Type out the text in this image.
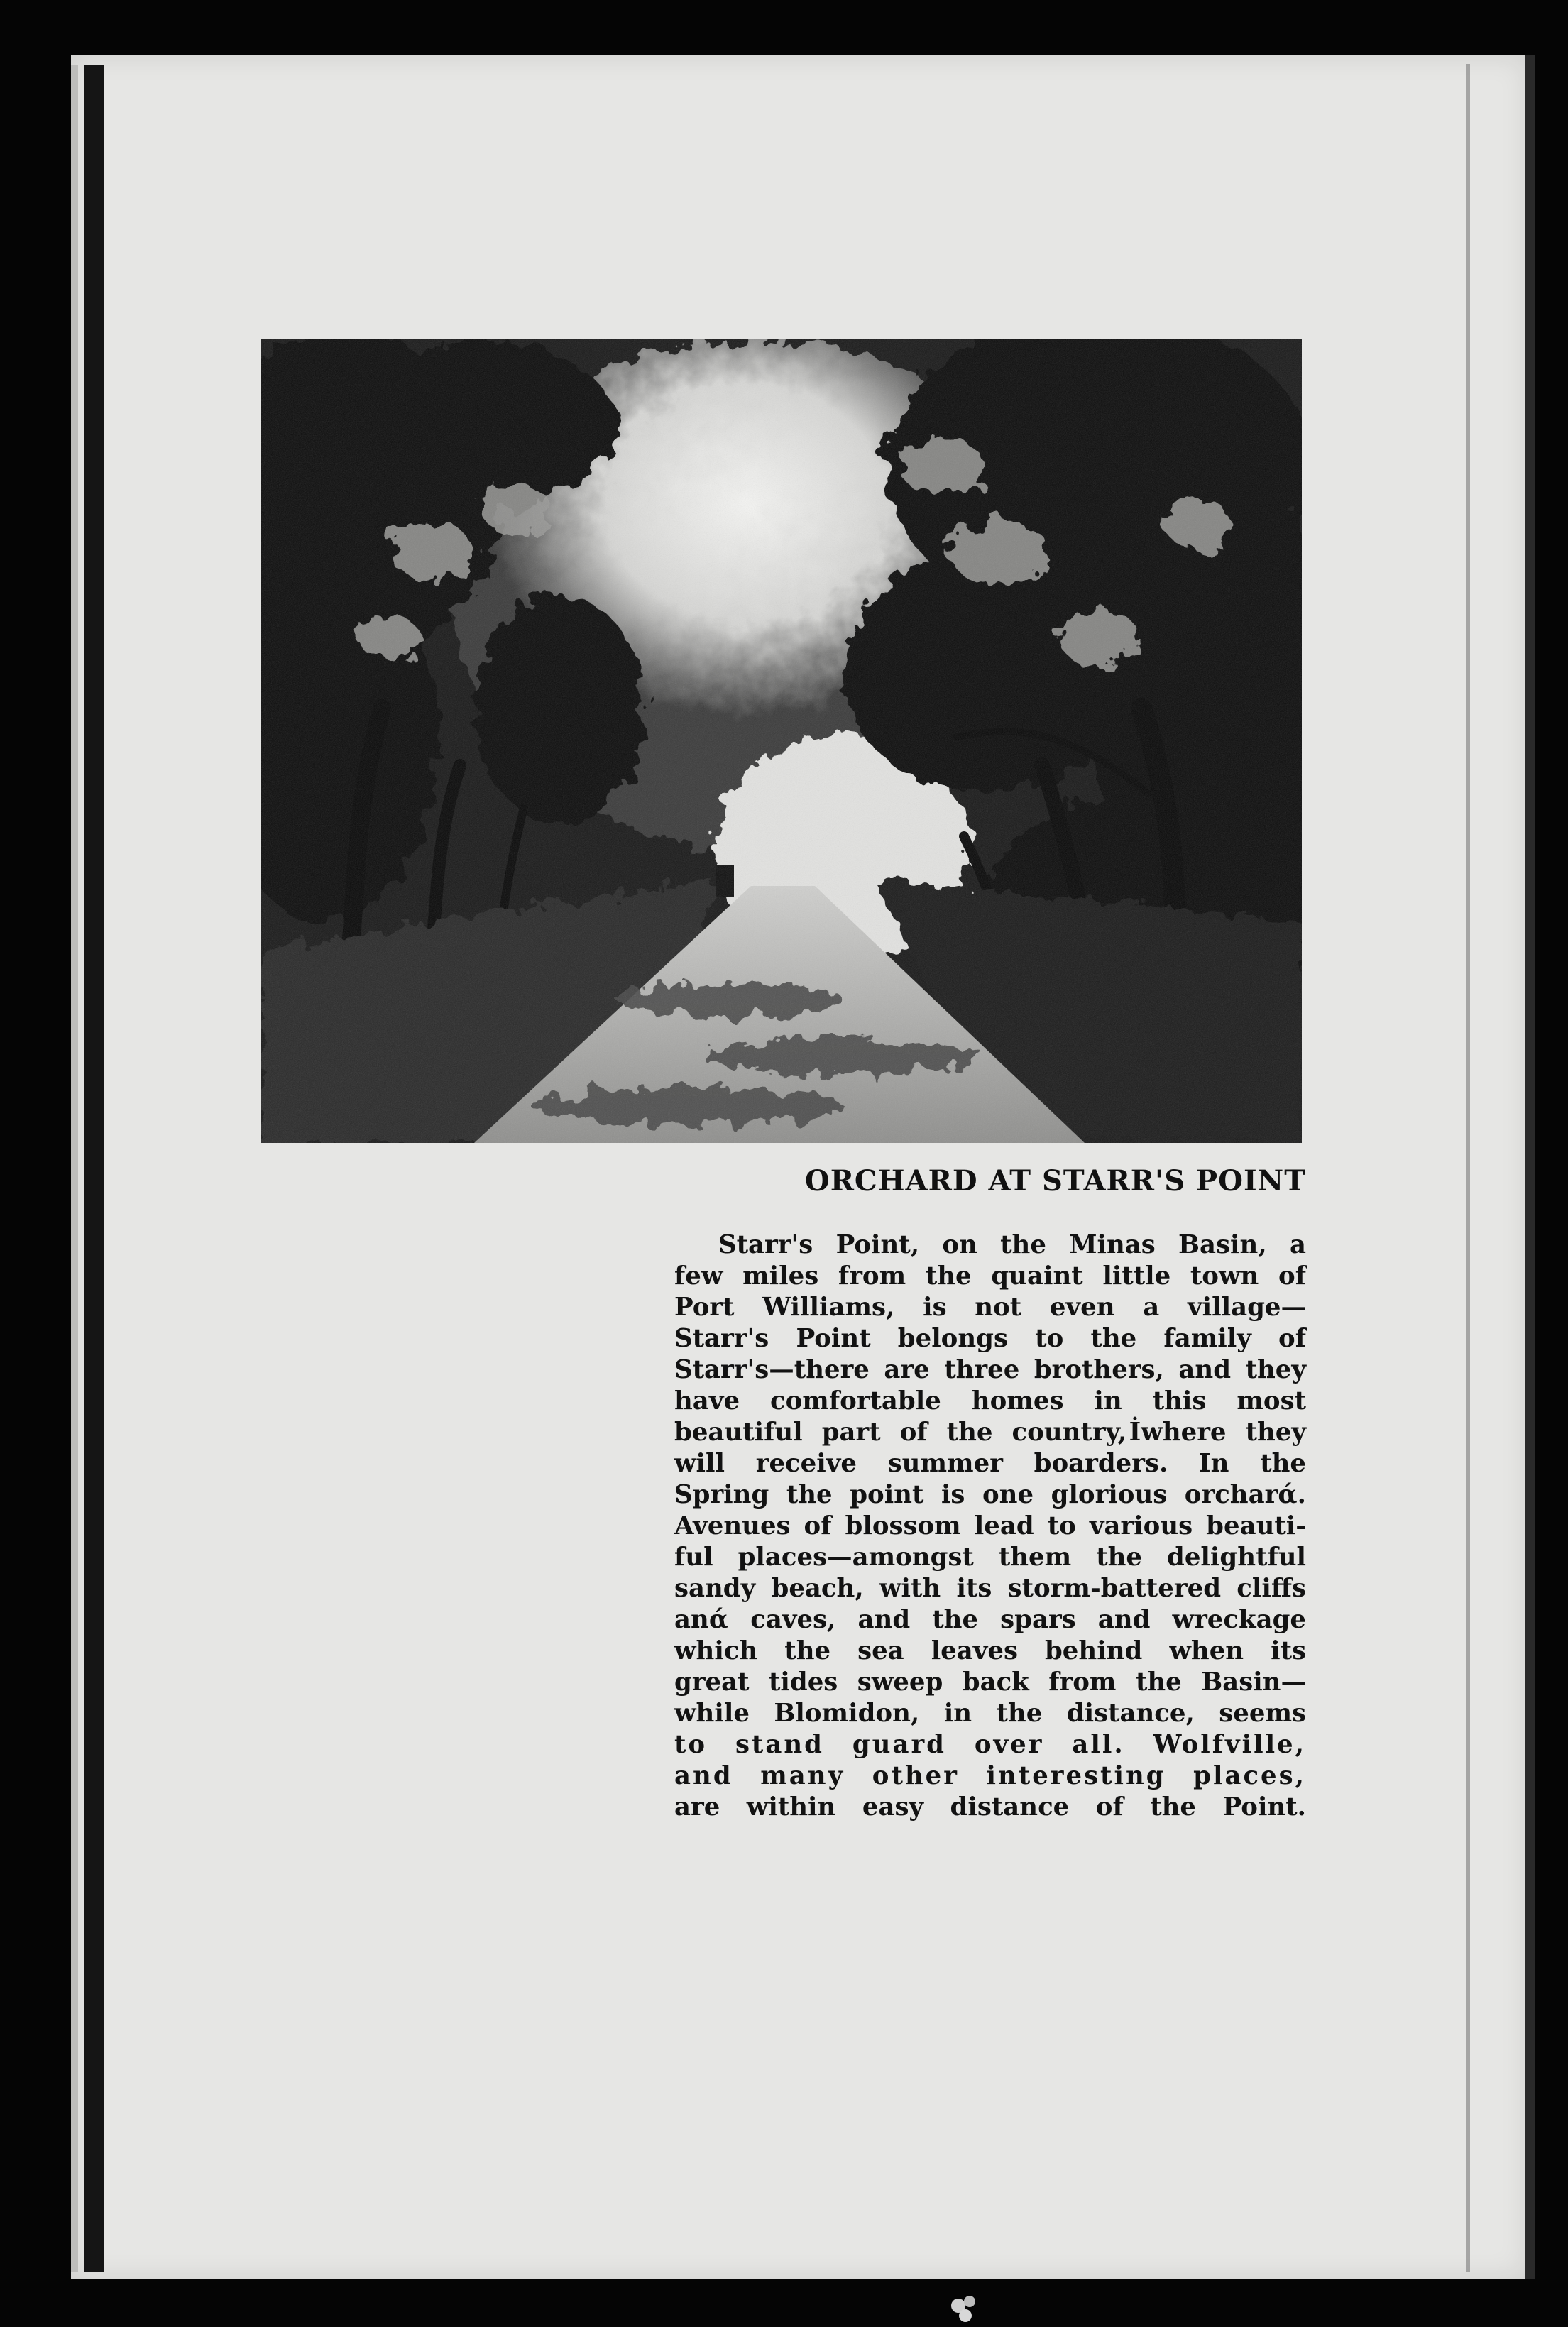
ORCHARD AT STARR'S POINT
Starr's Point, on the Minas Basin, a
few miles from the quaint little town of
Port Williams, is not even a village—
Starr's Point belongs to the family of
Starr's—there are three brothers, and they
have comfortable homes in this most
beautiful part of the country, İwhere they
will receive summer boarders. In the
Spring the point is one glorious orcharά.
Avenues of blossom lead to various beauti-
ful places—amongst them the delightful
sandy beach, with its storm-battered cliffs
anά caves, and the spars and wreckage
which the sea leaves behind when its
great tides sweep back from the Basin—
while Blomidon, in the distance, seems
to stand guard over all. Wolfville,
and many other interesting places,
are within easy distance of the Point.
